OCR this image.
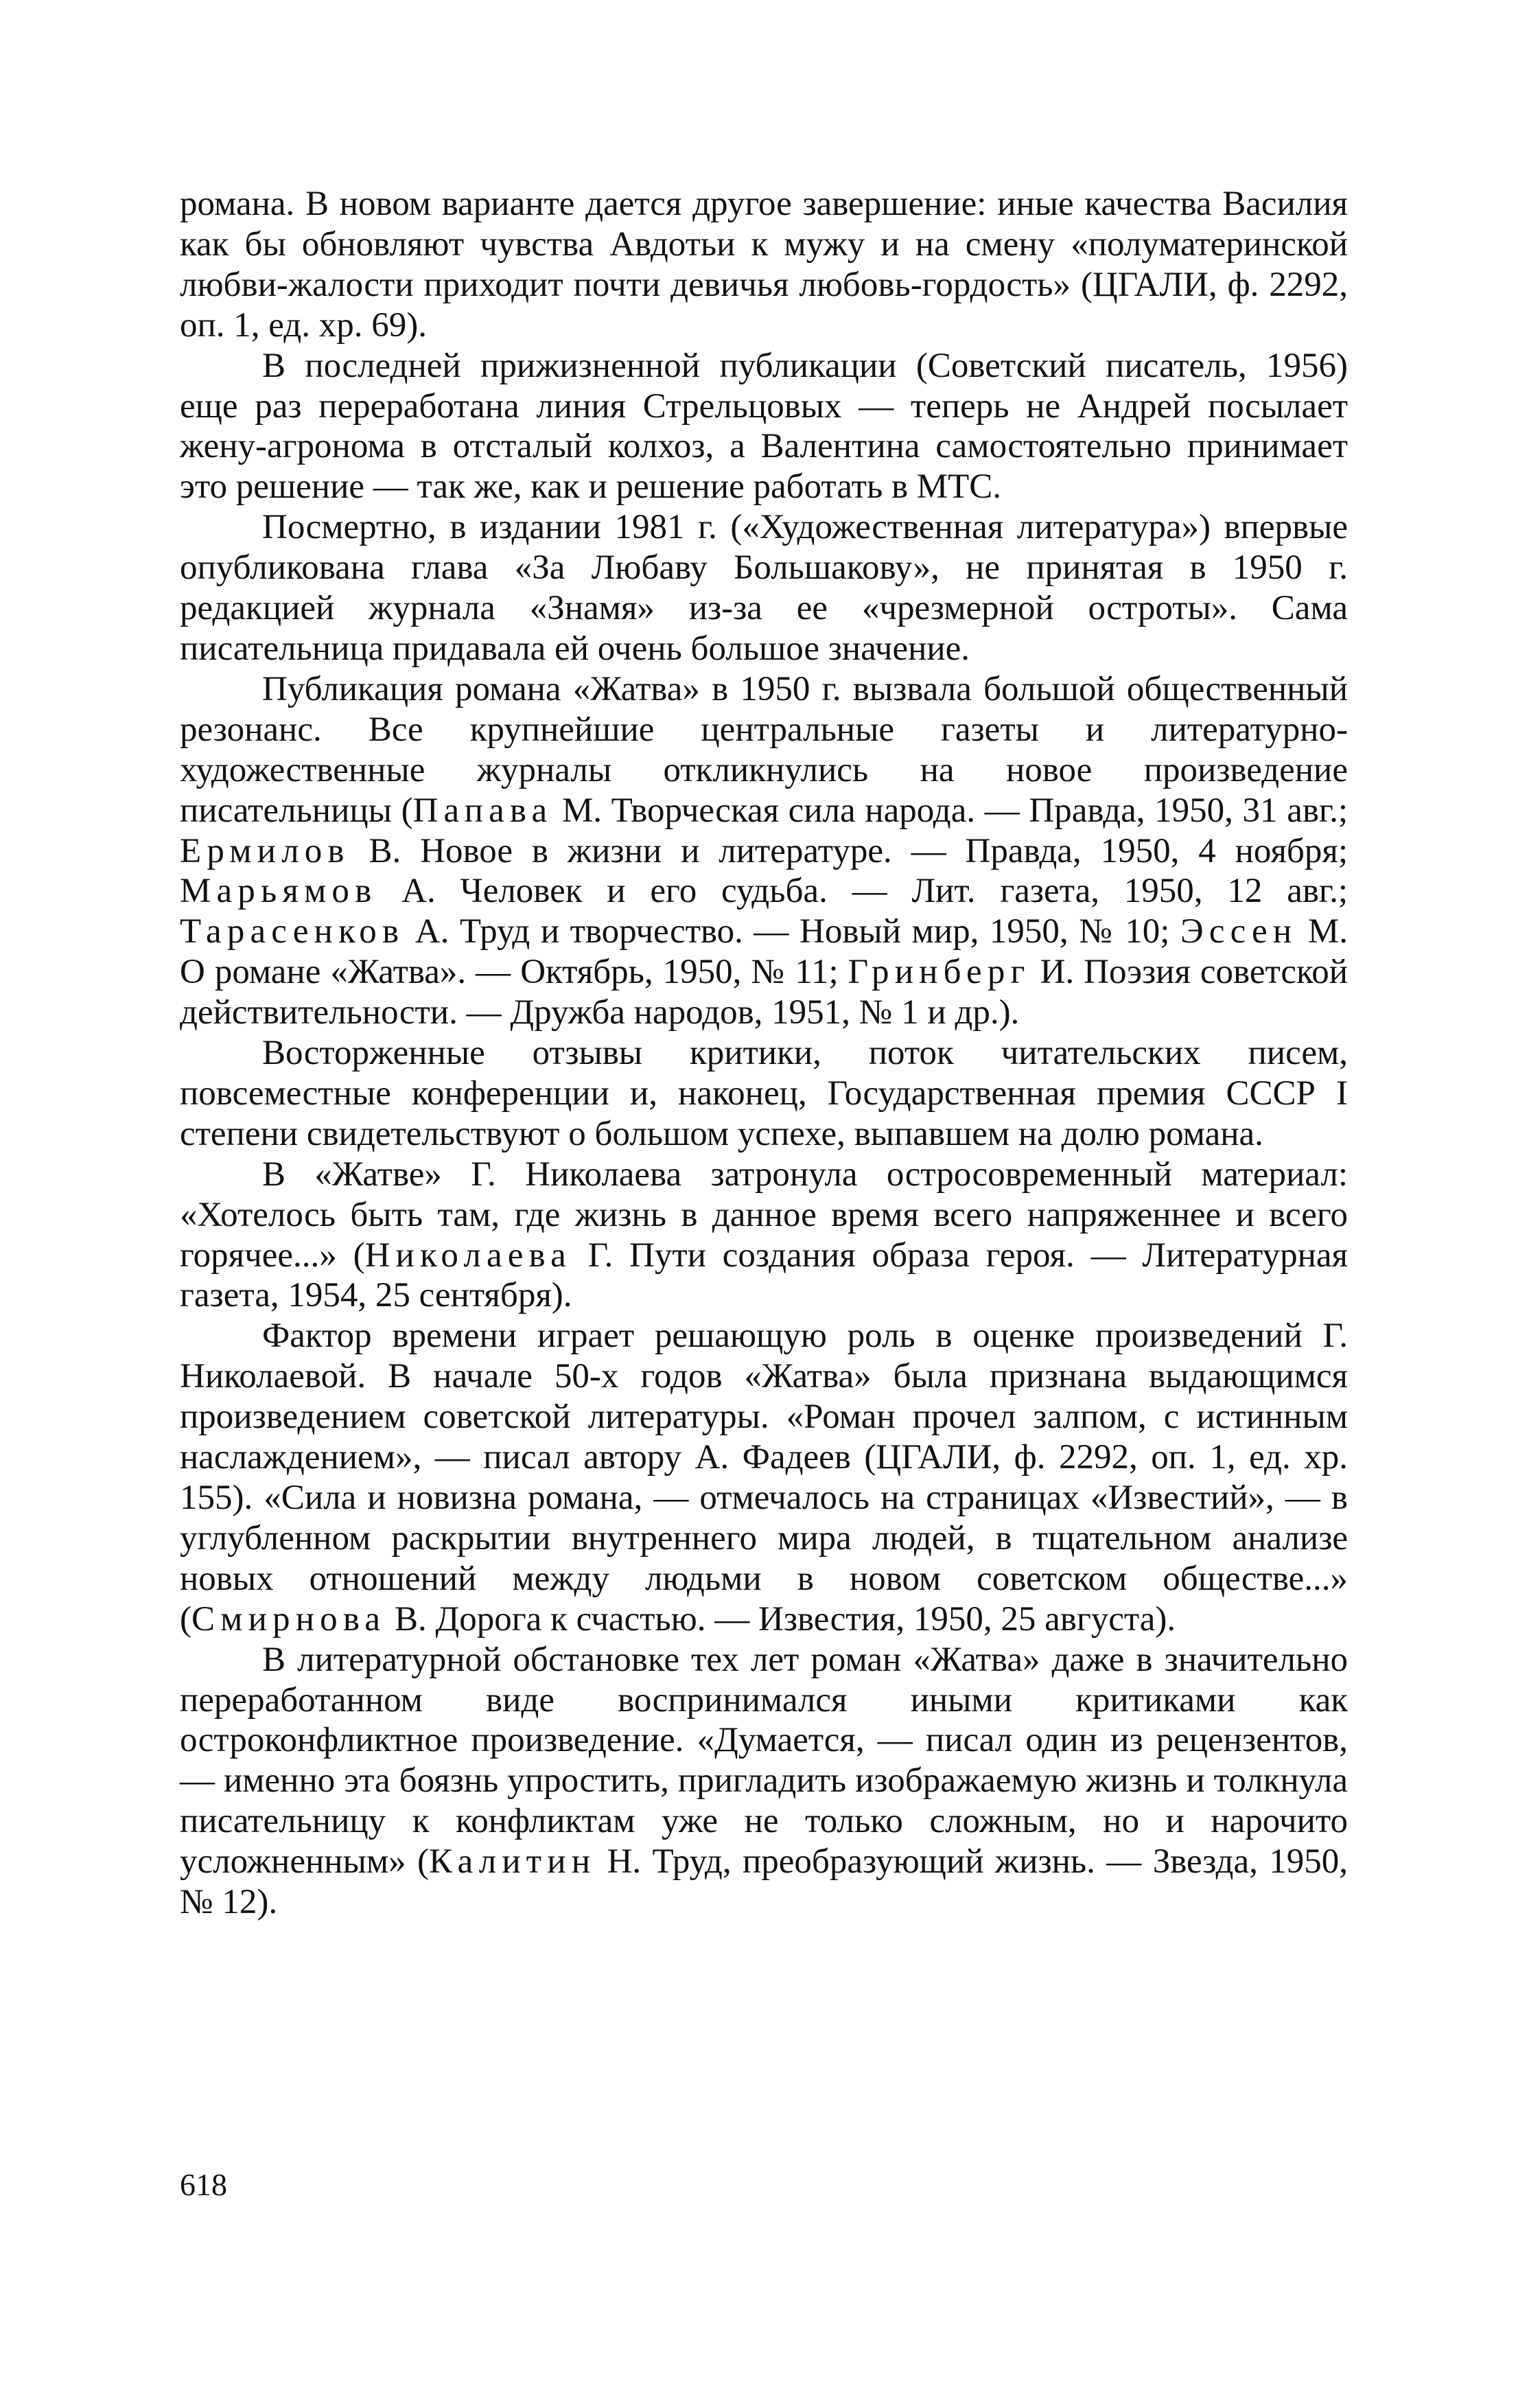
романа. В новом варианте дается другое завершение: иные качества Василия как бы обновляют чувства Авдотьи к мужу и на смену «полуматеринской любви-жалости приходит почти девичья любовь-гордость» (ЦГАЛИ, ф. 2292, оп. 1, ед. хр. 69).

В последней прижизненной публикации (Советский писатель, 1956) еще раз переработана линия Стрельцовых — теперь не Андрей посылает жену-агронома в отсталый колхоз, а Валентина самостоятельно принимает это решение — так же, как и решение работать в МТС.

Посмертно, в издании 1981 г. («Художественная литература») впервые опубликована глава «За Любаву Большакову», не принятая в 1950 г. редакцией журнала «Знамя» из-за ее «чрезмерной остроты». Сама писательница придавала ей очень большое значение.

Публикация романа «Жатва» в 1950 г. вызвала большой общественный резонанс. Все крупнейшие центральные газеты и литературно-художественные журналы откликнулись на новое произведение писательницы (Папава М. Творческая сила народа. — Правда, 1950, 31 авг.; Ермилов В. Новое в жизни и литературе. — Правда, 1950, 4 ноября; Марьямов А. Человек и его судьба. — Лит. газета, 1950, 12 авг.; Тарасенков А. Труд и творчество. — Новый мир, 1950, № 10; Эссен М. О романе «Жатва». — Октябрь, 1950, № 11; Гринберг И. Поэзия советской действительности. — Дружба народов, 1951, № 1 и др.).

Восторженные отзывы критики, поток читательских писем, повсеместные конференции и, наконец, Государственная премия СССР I степени свидетельствуют о большом успехе, выпавшем на долю романа.

В «Жатве» Г. Николаева затронула остросовременный материал: «Хотелось быть там, где жизнь в данное время всего напряженнее и всего горячее...» (Николаева Г. Пути создания образа героя. — Литературная газета, 1954, 25 сентября).

Фактор времени играет решающую роль в оценке произведений Г. Николаевой. В начале 50-х годов «Жатва» была признана выдающимся произведением советской литературы. «Роман прочел залпом, с истинным наслаждением», — писал автору А. Фадеев (ЦГАЛИ, ф. 2292, оп. 1, ед. хр. 155). «Сила и новизна романа, — отмечалось на страницах «Известий», — в углубленном раскрытии внутреннего мира людей, в тщательном анализе новых отношений между людьми в новом советском обществе...» (Смирнова В. Дорога к счастью. — Известия, 1950, 25 августа).

В литературной обстановке тех лет роман «Жатва» даже в значительно переработанном виде воспринимался иными критиками как остроконфликтное произведение. «Думается, — писал один из рецензентов, — именно эта боязнь упростить, пригладить изображаемую жизнь и толкнула писательницу к конфликтам уже не только сложным, но и нарочито усложненным» (Калитин Н. Труд, преобразующий жизнь. — Звезда, 1950, № 12).

618
